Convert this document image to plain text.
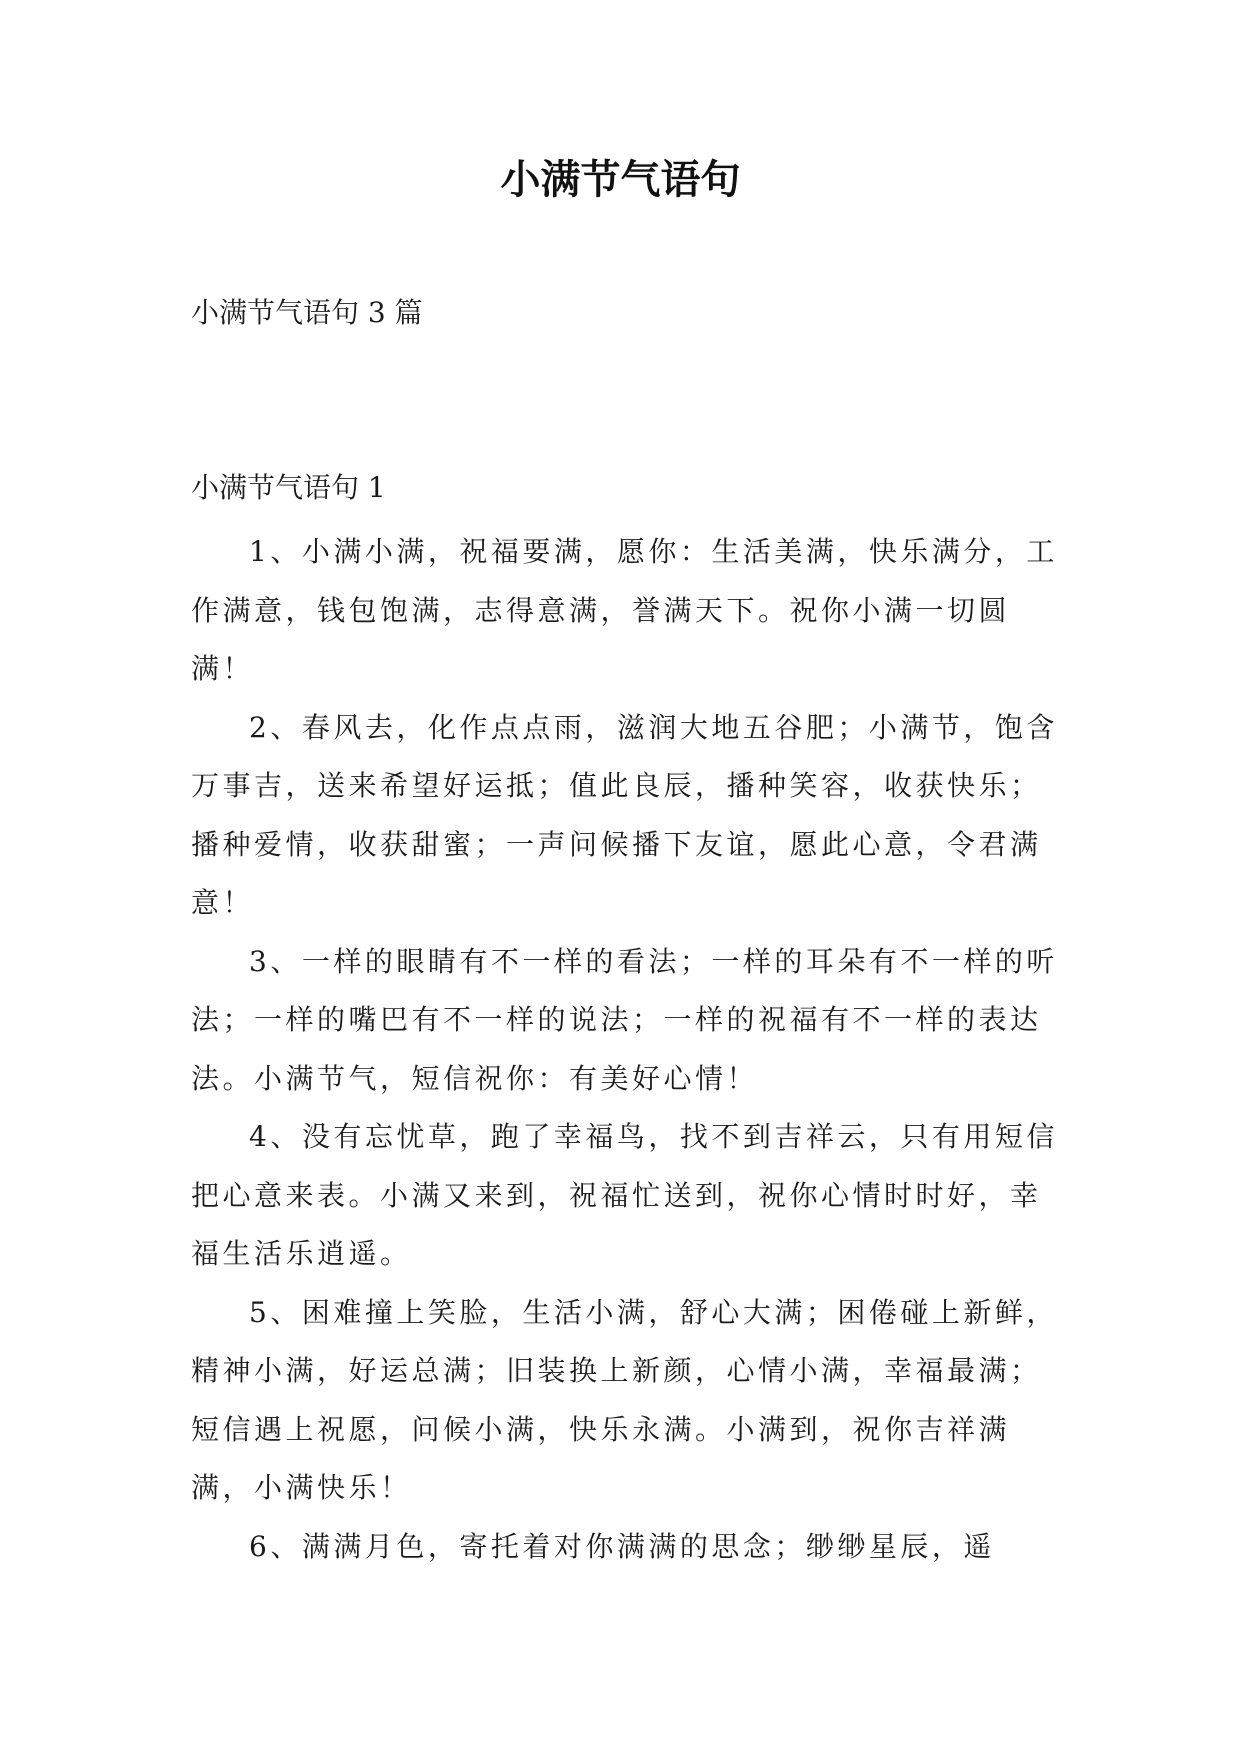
小满节气语句

小满节气语句 3 篇

小满节气语句 1

1、小满小满，祝福要满，愿你：生活美满，快乐满分，工作满意，钱包饱满，志得意满，誉满天下。祝你小满一切圆满！

2、春风去，化作点点雨，滋润大地五谷肥；小满节，饱含万事吉，送来希望好运抵；值此良辰，播种笑容，收获快乐；播种爱情，收获甜蜜；一声问候播下友谊，愿此心意，令君满意！

3、一样的眼睛有不一样的看法；一样的耳朵有不一样的听法；一样的嘴巴有不一样的说法；一样的祝福有不一样的表达法。小满节气，短信祝你：有美好心情！

4、没有忘忧草，跑了幸福鸟，找不到吉祥云，只有用短信把心意来表。小满又来到，祝福忙送到，祝你心情时时好，幸福生活乐逍遥。

5、困难撞上笑脸，生活小满，舒心大满；困倦碰上新鲜，精神小满，好运总满；旧装换上新颜，心情小满，幸福最满；短信遇上祝愿，问候小满，快乐永满。小满到，祝你吉祥满满，小满快乐！

6、满满月色，寄托着对你满满的思念；缈缈星辰，遥
